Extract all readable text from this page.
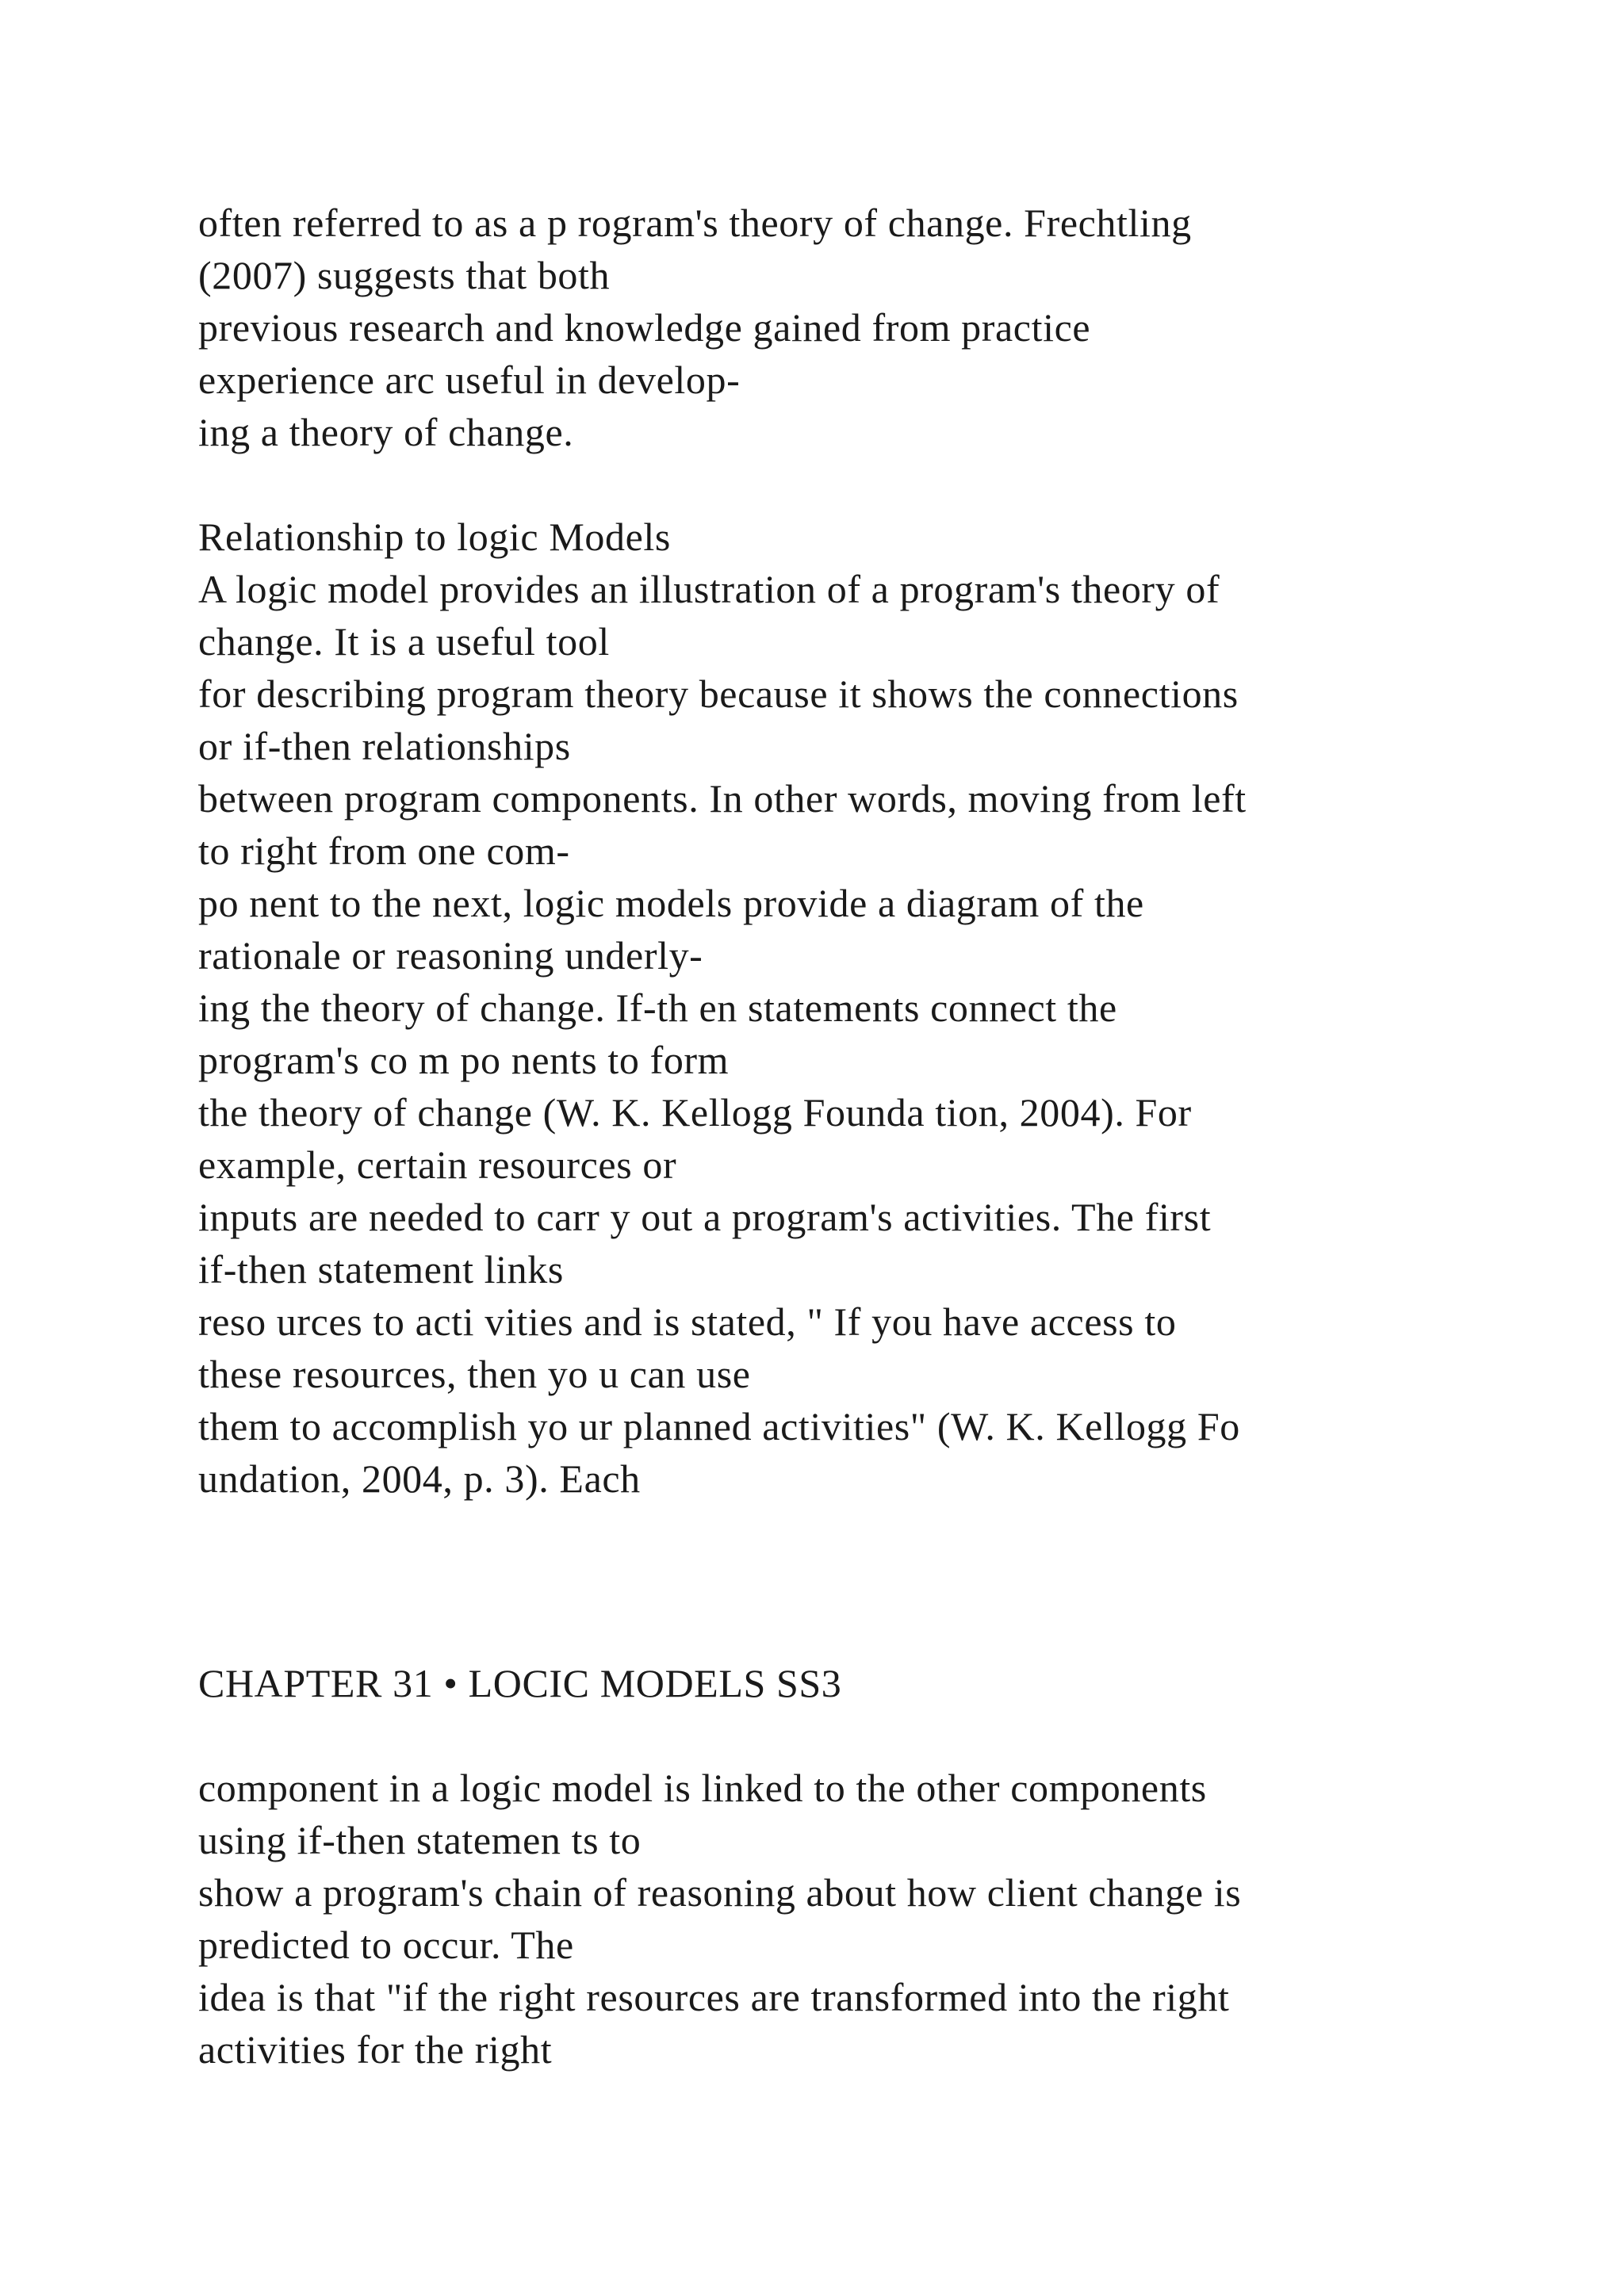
often referred to as a p rogram's theory of change. Frechtling
(2007) suggests that both
previous research and knowledge gained from practice
experience arc useful in develop-
ing a theory of change.
Relationship to logic Models
A logic model provides an illustration of a program's theory of
change. It is a useful tool
for describing program theory because it shows the connections
or if-then relationships
between program components. In other words, moving from left
to right from one com-
po nent to the next, logic models provide a diagram of the
rationale or reasoning underly-
ing the theory of change. If-th en statements connect the
program's co m po nents to form
the theory of change (W. K. Kellogg Founda tion, 2004). For
example, certain resources or
inputs are needed to carr y out a program's activities. The first
if-then statement links
reso urces to acti vities and is stated, " If you have access to
these resources, then yo u can use
them to accomplish yo ur planned activities" (W. K. Kellogg Fo
undation, 2004, p. 3). Each
CHAPTER 31 • LOCIC MODELS SS3
component in a logic model is linked to the other components
using if-then statemen ts to
show a program's chain of reasoning about how client change is
predicted to occur. The
idea is that "if the right resources are transformed into the right
activities for the right
